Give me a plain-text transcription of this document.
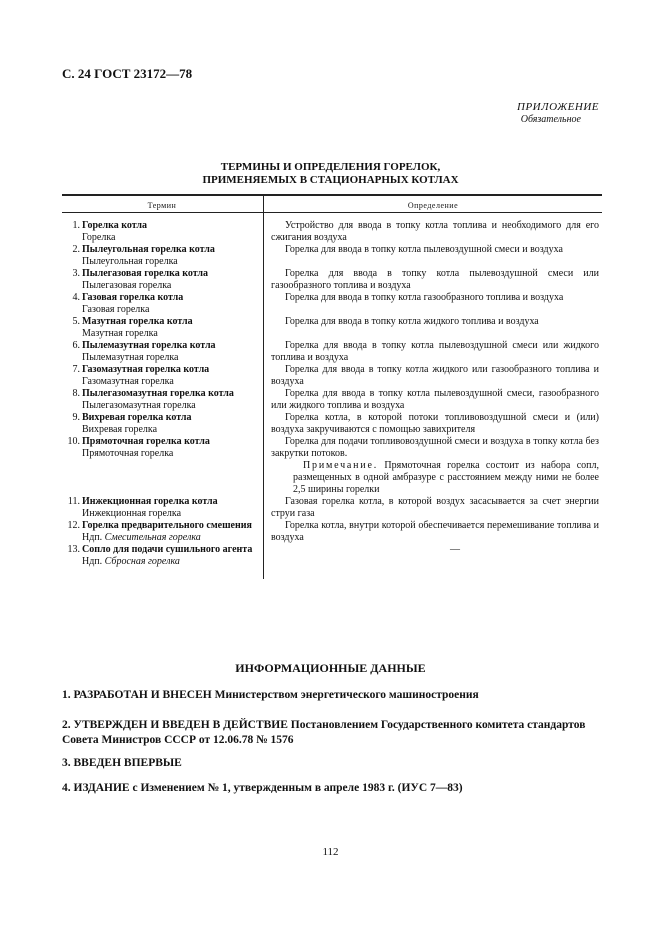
С. 24 ГОСТ 23172—78
ПРИЛОЖЕНИЕ
Обязательное
ТЕРМИНЫ И ОПРЕДЕЛЕНИЯ ГОРЕЛОК,
ПРИМЕНЯЕМЫХ В СТАЦИОНАРНЫХ КОТЛАХ
Термин	Определение
1. Горелка котла
Горелка
2. Пылеугольная горелка котла
Пылеугольная горелка
3. Пылегазовая горелка котла
Пылегазовая горелка
4. Газовая горелка котла
Газовая горелка
5. Мазутная горелка котла
Мазутная горелка
6. Пылемазутная горелка котла
Пылемазутная горелка
7. Газомазутная горелка котла
Газомазутная горелка
8. Пылегазомазутная горелка котла
Пылегазомазутная горелка
9. Вихревая горелка котла
Вихревая горелка
10. Прямоточная горелка котла
Прямоточная горелка
11. Инжекционная горелка котла
Инжекционная горелка
12. Горелка предварительного смешения
Ндп. Смесительная горелка
13. Сопло для подачи сушильного агента
Ндп. Сбросная горелка

Устройство для ввода в топку котла топлива и необходимого для его сжигания воздуха

Горелка для ввода в топку котла пылевоздушной смеси и воздуха

Горелка для ввода в топку котла пылевоздушной смеси или газообразного топлива и воздуха

Горелка для ввода в топку котла газообразного топлива и воздуха

Горелка для ввода в топку котла жидкого топлива и воздуха

Горелка для ввода в топку котла пылевоздушной смеси или жидкого топлива и воздуха

Горелка для ввода в топку котла жидкого или газообразного топлива и воздуха

Горелка для ввода в топку котла пылевоздушной смеси, газообразного или жидкого топлива и воздуха

Горелка котла, в которой потоки топливовоздушной смеси и (или) воздуха закручиваются с помощью завихрителя

Горелка для подачи топливовоздушной смеси и воздуха в топку котла без закрутки потоков.

Примечание. Прямоточная горелка состоит из набора сопл, размещенных в одной амбразуре с расстоянием между ними не более 2,5 ширины горелки

Газовая горелка котла, в которой воздух засасывается за счет энергии струи газа

Горелка котла, внутри которой обеспечивается перемешивание топлива и воздуха

—
ИНФОРМАЦИОННЫЕ ДАННЫЕ
1. РАЗРАБОТАН И ВНЕСЕН Министерством энергетического машиностроения
2. УТВЕРЖДЕН И ВВЕДЕН В ДЕЙСТВИЕ Постановлением Государственного комитета стандартов Совета Министров СССР от 12.06.78 № 1576
3. ВВЕДЕН ВПЕРВЫЕ
4. ИЗДАНИЕ с Изменением № 1, утвержденным в апреле 1983 г. (ИУС 7—83)
112
